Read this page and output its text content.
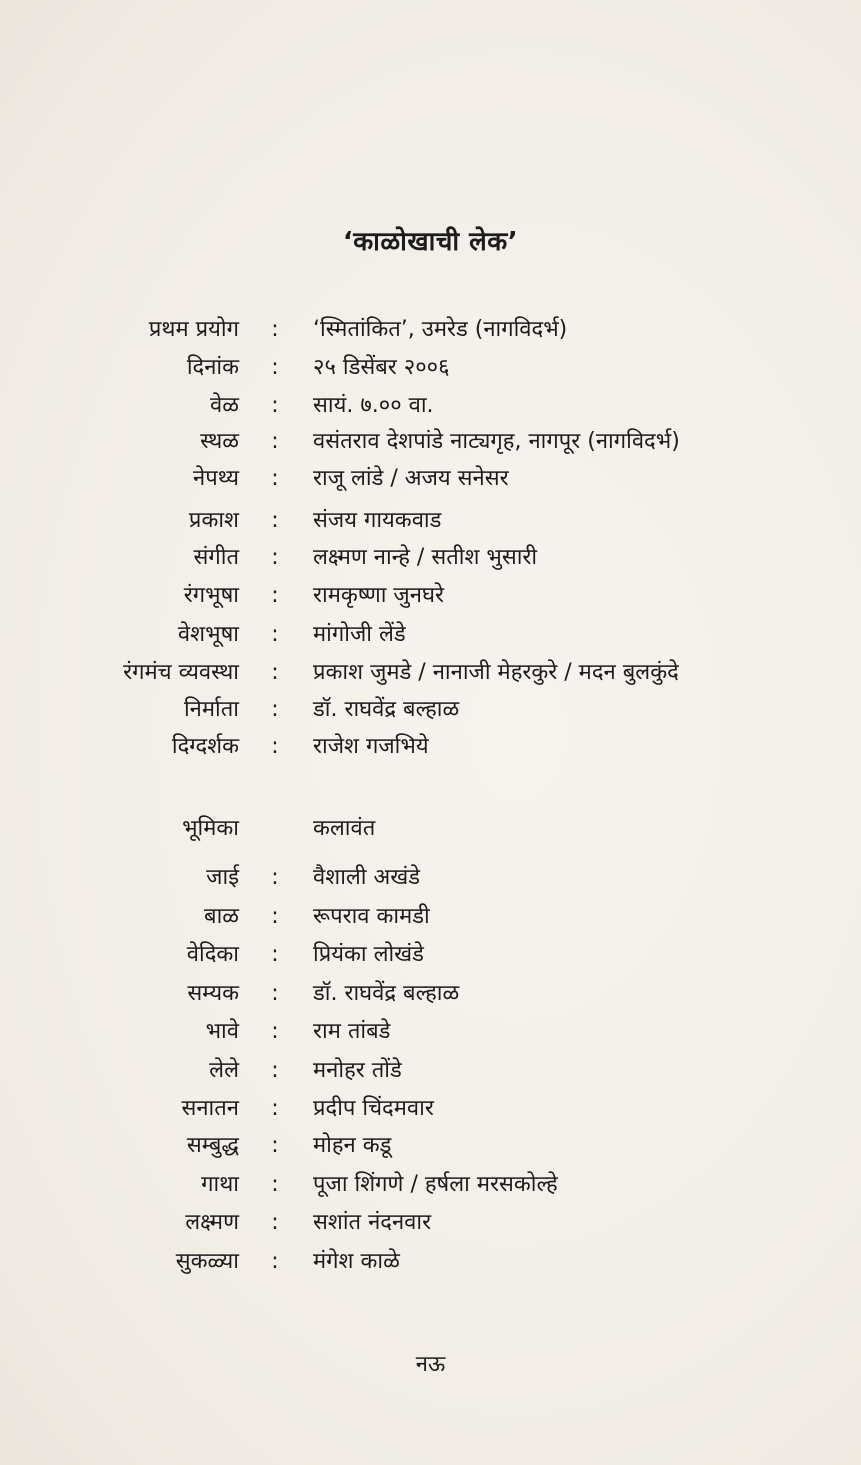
‘काळोखाची लेक’
प्रथम प्रयोग : ‘स्मितांकित’, उमरेड (नागविदर्भ)
दिनांक : २५ डिसेंबर २००६
वेळ : सायं. ७.०० वा.
स्थळ : वसंतराव देशपांडे नाट्यगृह, नागपूर (नागविदर्भ)
नेपथ्य : राजू लांडे / अजय सनेसर
प्रकाश : संजय गायकवाड
संगीत : लक्ष्मण नान्हे / सतीश भुसारी
रंगभूषा : रामकृष्णा जुनघरे
वेशभूषा : मांगोजी लेंडे
रंगमंच व्यवस्था : प्रकाश जुमडे / नानाजी मेहरकुरे / मदन बुलकुंदे
निर्माता : डॉ. राघवेंद्र बल्हाळ
दिग्दर्शक : राजेश गजभिये
भूमिका	कलावंत
जाई : वैशाली अखंडे
बाळ : रूपराव कामडी
वेदिका : प्रियंका लोखंडे
सम्यक : डॉ. राघवेंद्र बल्हाळ
भावे : राम तांबडे
लेले : मनोहर तोंडे
सनातन : प्रदीप चिंदमवार
सम्बुद्ध : मोहन कडू
गाथा : पूजा शिंगणे / हर्षला मरसकोल्हे
लक्ष्मण : सशांत नंदनवार
सुकळ्या : मंगेश काळे
नऊ
